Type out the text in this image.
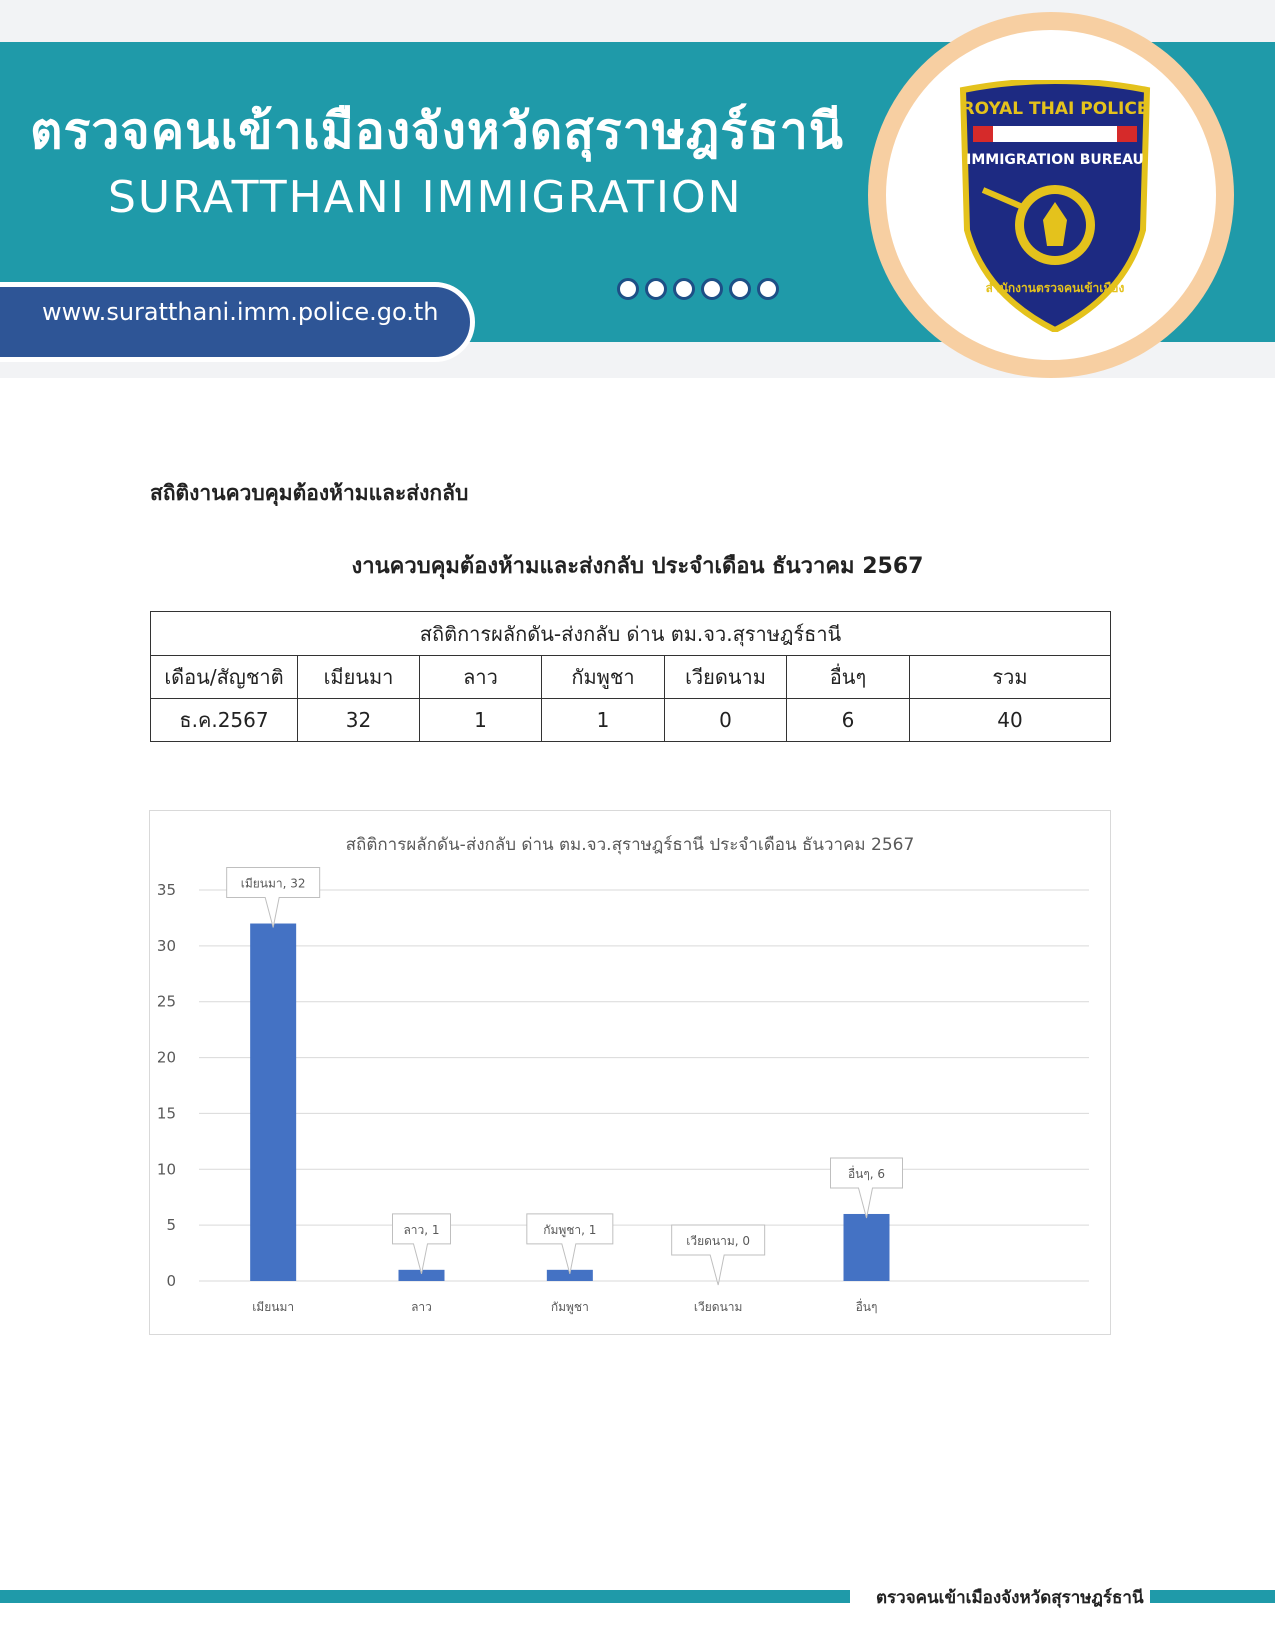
ตรวจคนเข้าเมืองจังหวัดสุราษฎร์ธานี
SURATTHANI IMMIGRATION
www.suratthani.imm.police.go.th
ROYAL THAI POLICE
IMMIGRATION BUREAU
สำนักงานตรวจคนเข้าเมือง
สถิติงานควบคุมต้องห้ามและส่งกลับ
งานควบคุมต้องห้ามและส่งกลับ ประจำเดือน ธันวาคม 2567
สถิติการผลักดัน-ส่งกลับ ด่าน ตม.จว.สุราษฎร์ธานี						
เดือน/สัญชาติ	เมียนมา	ลาว	กัมพูชา	เวียดนาม	อื่นๆ	รวม
ธ.ค.2567	32	1	1	0	6	40
สถิติการผลักดัน-ส่งกลับ ด่าน ตม.จว.สุราษฎร์ธานี ประจำเดือน ธันวาคม 2567
0
5
10
15
20
25
30
35
เมียนมา	ลาว	กัมพูชา	เวียดนาม	อื่นๆ
เมียนมา, 32
ลาว, 1	กัมพูชา, 1
เวียดนาม, 0
อื่นๆ, 6
ตรวจคนเข้าเมืองจังหวัดสุราษฎร์ธานี
